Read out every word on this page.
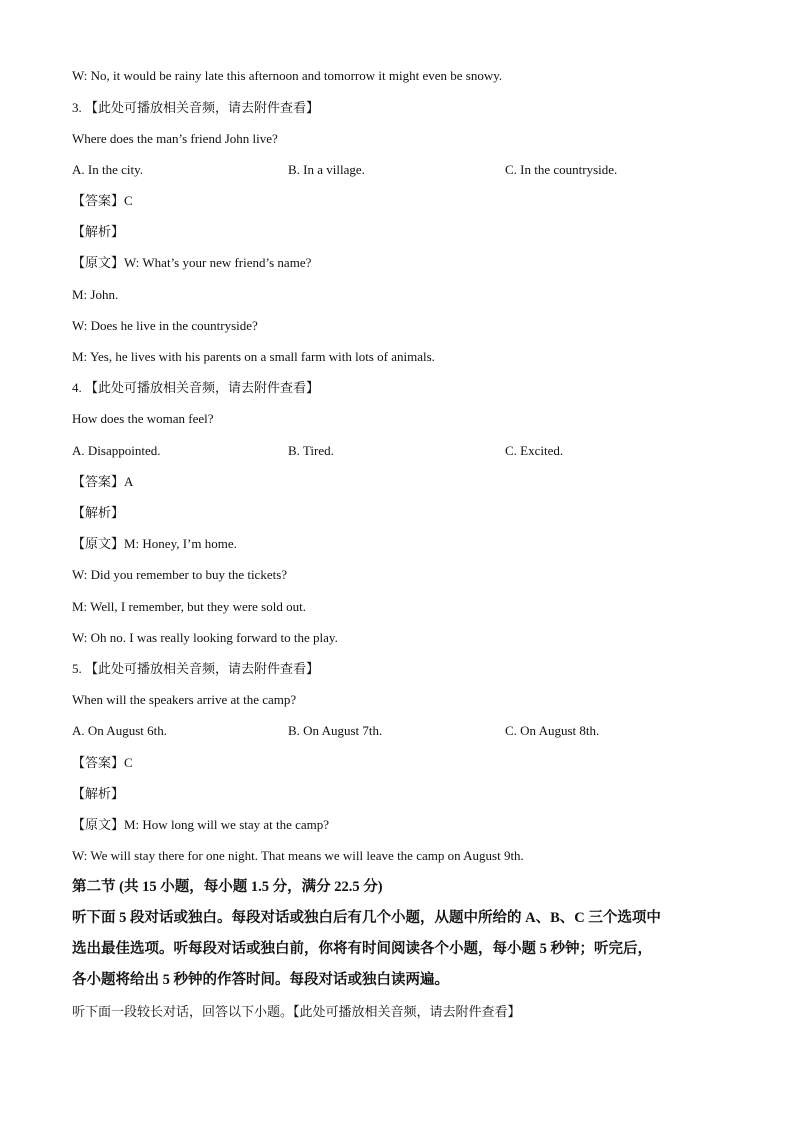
W: No, it would be rainy late this afternoon and tomorrow it might even be snowy.
3. 【此处可播放相关音频，请去附件查看】
Where does the man’s friend John live?
A. In the city.	B. In a village.	C. In the countryside.
【答案】C
【解析】
【原文】W: What’s your new friend’s name?
M: John.
W: Does he live in the countryside?
M: Yes, he lives with his parents on a small farm with lots of animals.
4. 【此处可播放相关音频，请去附件查看】
How does the woman feel?
A. Disappointed.	B. Tired.	C. Excited.
【答案】A
【解析】
【原文】M: Honey, I’m home.
W: Did you remember to buy the tickets?
M: Well, I remember, but they were sold out.
W: Oh no. I was really looking forward to the play.
5. 【此处可播放相关音频，请去附件查看】
When will the speakers arrive at the camp?
A. On August 6th.	B. On August 7th.	C. On August 8th.
【答案】C
【解析】
【原文】M: How long will we stay at the camp?
W: We will stay there for one night. That means we will leave the camp on August 9th.
第二节 (共 15 小题，每小题 1.5 分，满分 22.5 分)
听下面 5 段对话或独白。每段对话或独白后有几个小题，从题中所给的 A、B、C 三个选项中
选出最佳选项。听每段对话或独白前，你将有时间阅读各个小题，每小题 5 秒钟；听完后，
各小题将给出 5 秒钟的作答时间。每段对话或独白读两遍。
听下面一段较长对话，回答以下小题。【此处可播放相关音频，请去附件查看】
